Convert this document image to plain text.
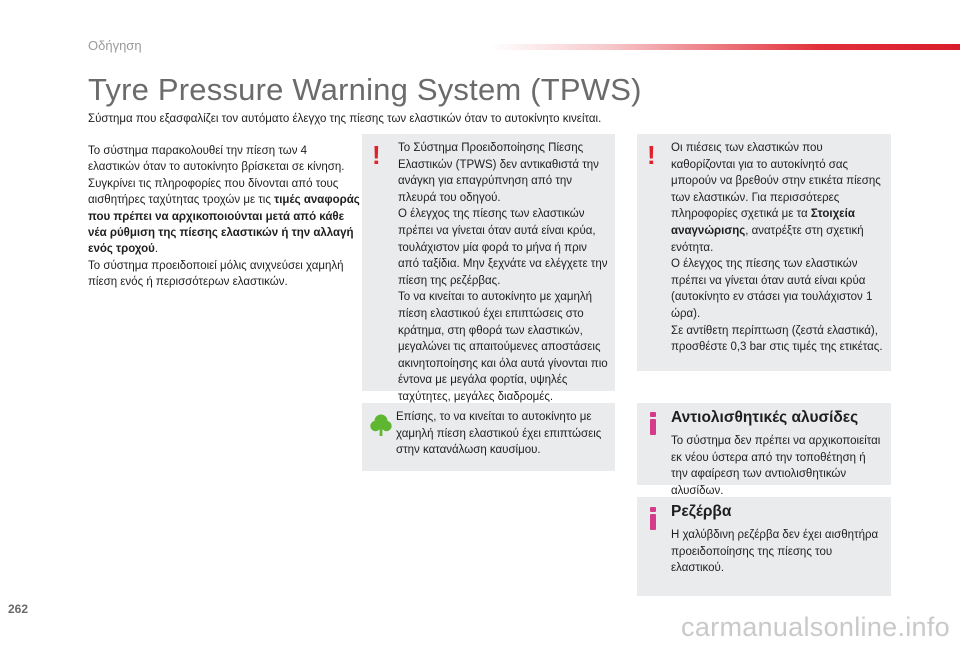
Οδήγηση
Tyre Pressure Warning System (TPWS)
Σύστημα που εξασφαλίζει τον αυτόματο έλεγχο της πίεσης των ελαστικών όταν το αυτοκίνητο κινείται.
Το σύστημα παρακολουθεί την πίεση των 4 ελαστικών όταν το αυτοκίνητο βρίσκεται σε κίνηση.
Συγκρίνει τις πληροφορίες που δίνονται από τους αισθητήρες ταχύτητας τροχών με τις τιμές αναφοράς που πρέπει να αρχικοποιούνται μετά από κάθε νέα ρύθμιση της πίεσης ελαστικών ή την αλλαγή ενός τροχού.
Το σύστημα προειδοποιεί μόλις ανιχνεύσει χαμηλή πίεση ενός ή περισσότερων ελαστικών.
! Το Σύστημα Προειδοποίησης Πίεσης Ελαστικών (TPWS) δεν αντικαθιστά την ανάγκη για επαγρύπνηση από την πλευρά του οδηγού.
Ο έλεγχος της πίεσης των ελαστικών πρέπει να γίνεται όταν αυτά είναι κρύα, τουλάχιστον μία φορά το μήνα ή πριν από ταξίδια. Μην ξεχνάτε να ελέγχετε την πίεση της ρεζέρβας.
Το να κινείται το αυτοκίνητο με χαμηλή πίεση ελαστικού έχει επιπτώσεις στο κράτημα, στη φθορά των ελαστικών, μεγαλώνει τις απαιτούμενες αποστάσεις ακινητοποίησης και όλα αυτά γίνονται πιο έντονα με μεγάλα φορτία, υψηλές ταχύτητες, μεγάλες διαδρομές.
Επίσης, το να κινείται το αυτοκίνητο με χαμηλή πίεση ελαστικού έχει επιπτώσεις στην κατανάλωση καυσίμου.
! Οι πιέσεις των ελαστικών που καθορίζονται για το αυτοκίνητό σας μπορούν να βρεθούν στην ετικέτα πίεσης των ελαστικών. Για περισσότερες πληροφορίες σχετικά με τα Στοιχεία αναγνώρισης, ανατρέξτε στη σχετική ενότητα.
Ο έλεγχος της πίεσης των ελαστικών πρέπει να γίνεται όταν αυτά είναι κρύα (αυτοκίνητο εν στάσει για τουλάχιστον 1 ώρα).
Σε αντίθετη περίπτωση (ζεστά ελαστικά), προσθέστε 0,3 bar στις τιμές της ετικέτας.
Αντιολισθητικές αλυσίδες
Το σύστημα δεν πρέπει να αρχικοποιείται εκ νέου ύστερα από την τοποθέτηση ή την αφαίρεση των αντιολισθητικών αλυσίδων.
Ρεζέρβα
Η χαλύβδινη ρεζέρβα δεν έχει αισθητήρα προειδοποίησης της πίεσης του ελαστικού.
262
carmanualsonline.info
